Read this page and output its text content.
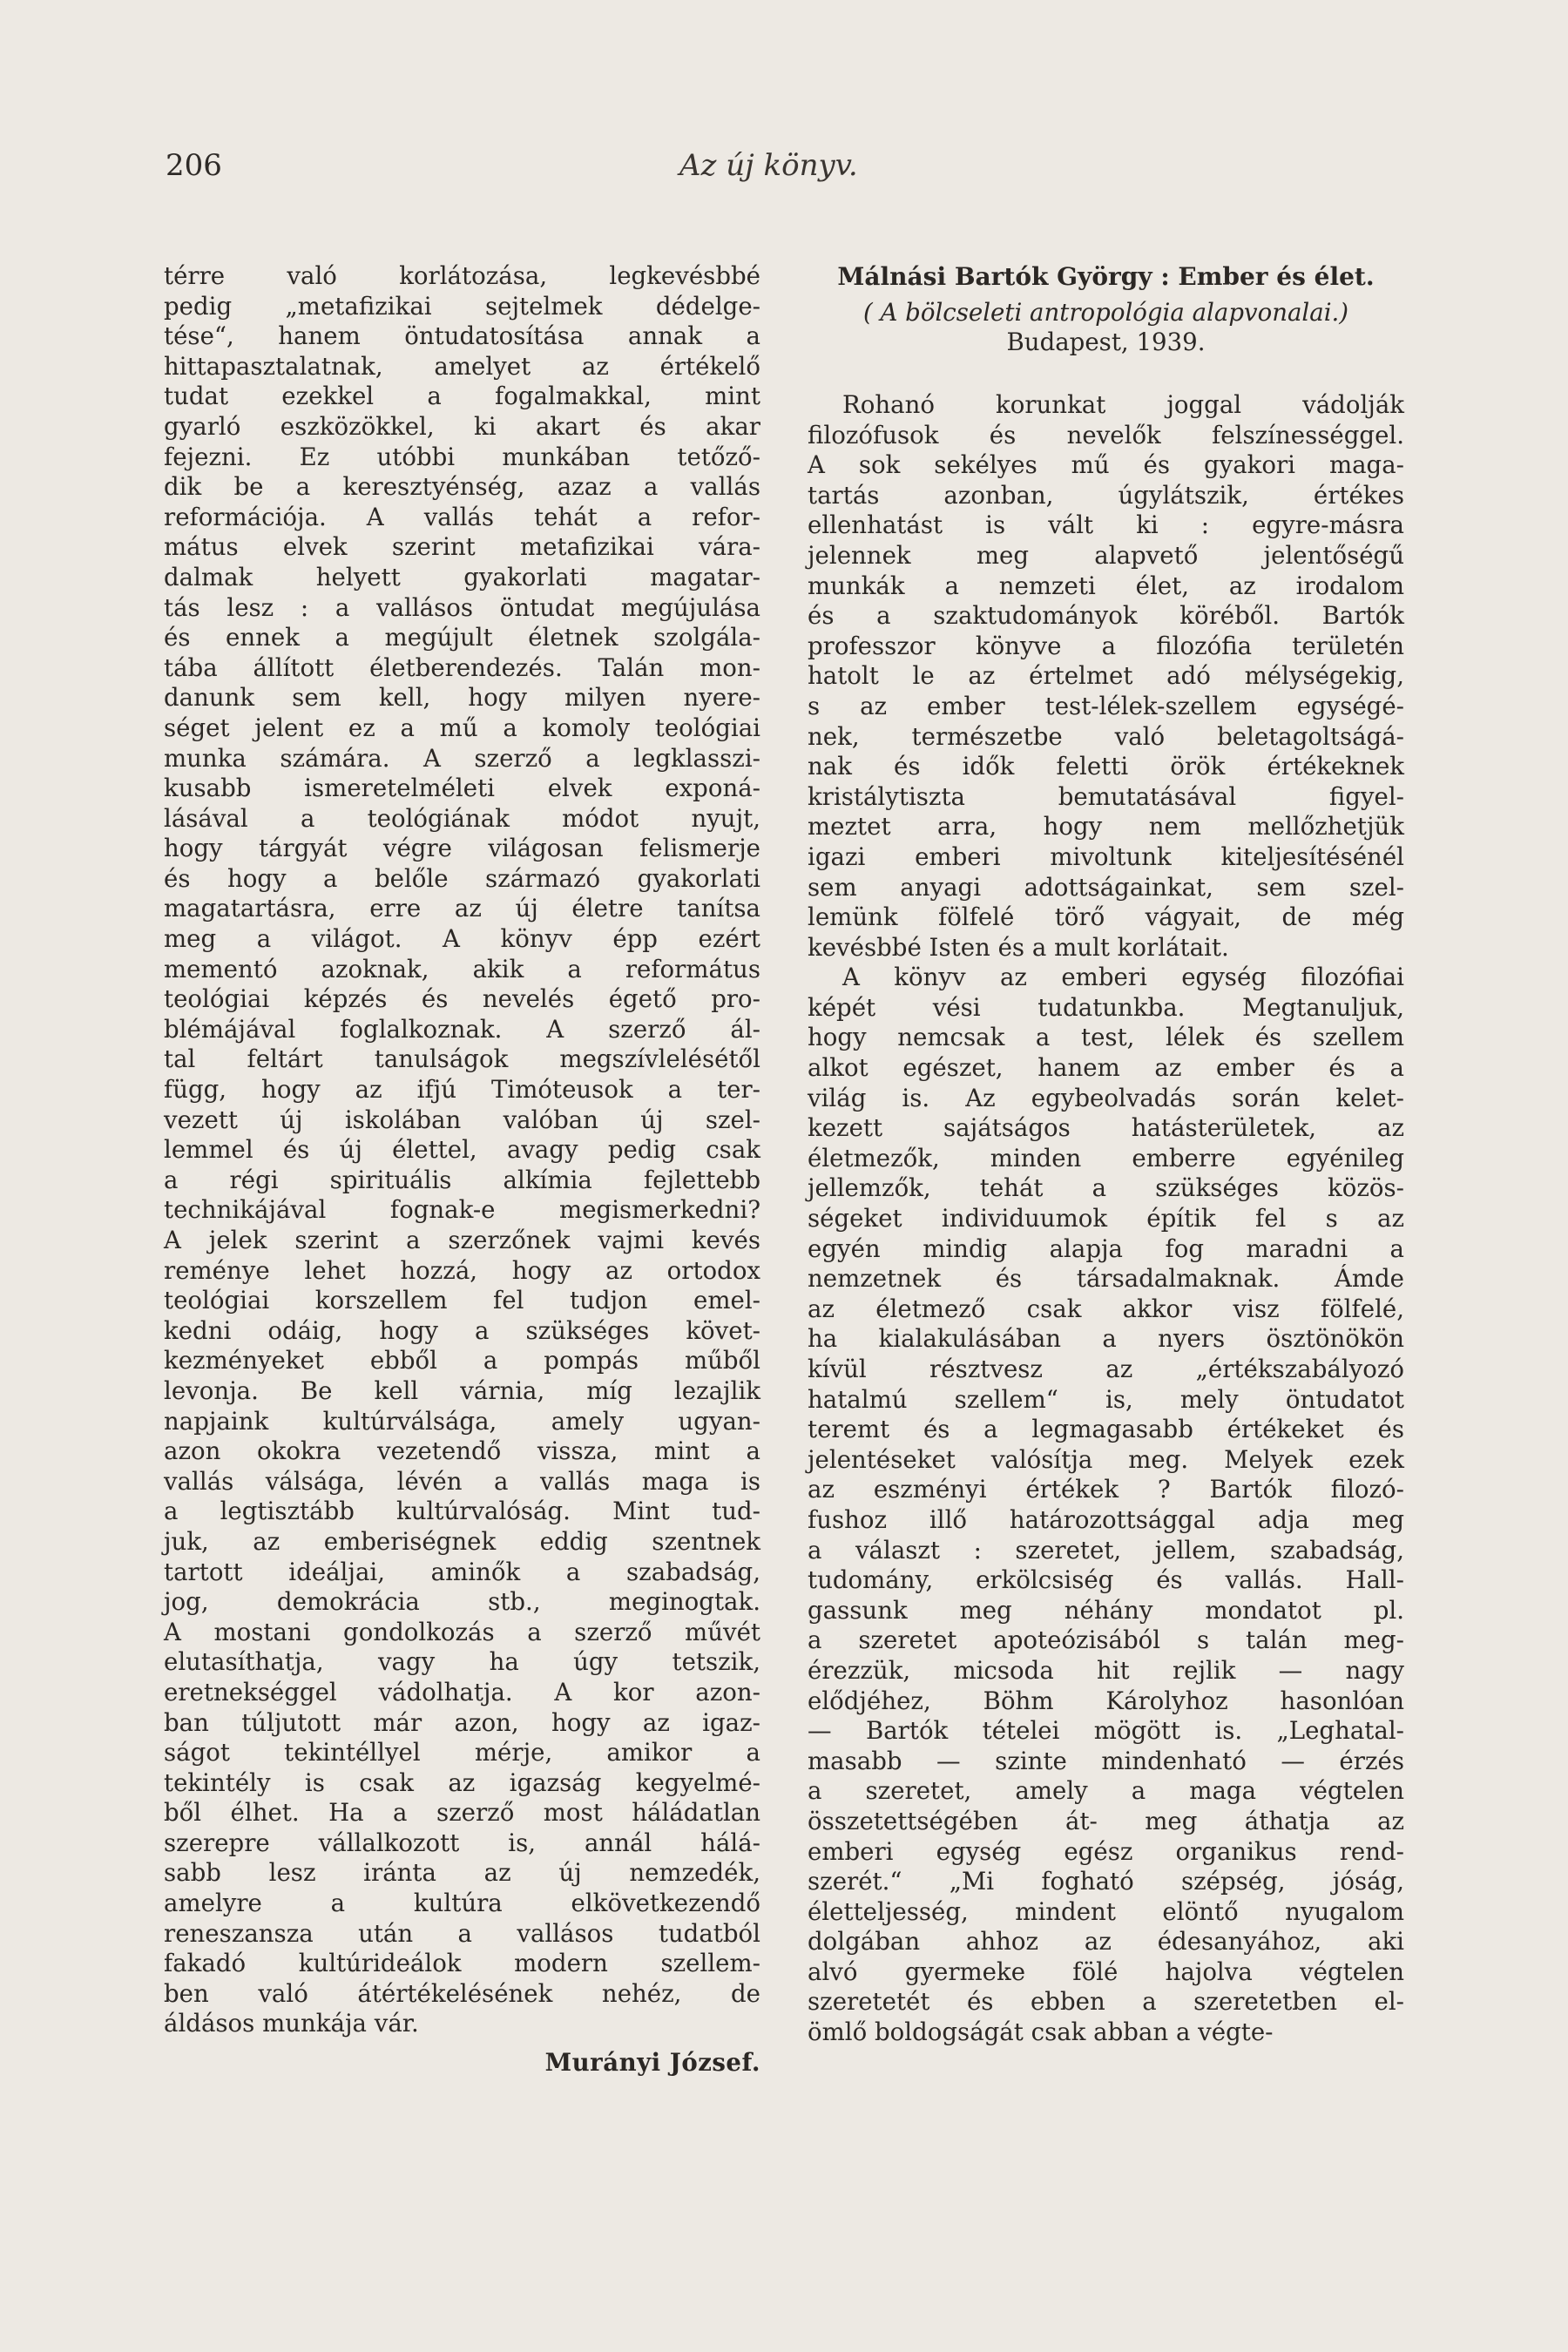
206	Az új könyv.

térre való korlátozása, legkevésbbé
pedig „metafizikai sejtelmek dédelge-
tése“, hanem öntudatosítása annak a
hittapasztalatnak, amelyet az értékelő
tudat ezekkel a fogalmakkal, mint
gyarló eszközökkel, ki akart és akar
fejezni. Ez utóbbi munkában tetőző-
dik be a keresztyénség, azaz a vallás
reformációja. A vallás tehát a refor-
mátus elvek szerint metafizikai vára-
dalmak helyett gyakorlati magatar-
tás lesz : a vallásos öntudat megújulása
és ennek a megújult életnek szolgála-
tába állított életberendezés. Talán mon-
danunk sem kell, hogy milyen nyere-
séget jelent ez a mű a komoly teológiai
munka számára. A szerző a legklasszi-
kusabb ismeretelméleti elvek exponá-
lásával a teológiának módot nyujt,
hogy tárgyát végre világosan felismerje
és hogy a belőle származó gyakorlati
magatartásra, erre az új életre tanítsa
meg a világot. A könyv épp ezért
mementó azoknak, akik a református
teológiai képzés és nevelés égető pro-
blémájával foglalkoznak. A szerző ál-
tal feltárt tanulságok megszívlelésétől
függ, hogy az ifjú Timóteusok a ter-
vezett új iskolában valóban új szel-
lemmel és új élettel, avagy pedig csak
a régi spirituális alkímia fejlettebb
technikájával fognak-e megismerkedni?
A jelek szerint a szerzőnek vajmi kevés
reménye lehet hozzá, hogy az ortodox
teológiai korszellem fel tudjon emel-
kedni odáig, hogy a szükséges követ-
kezményeket ebből a pompás műből
levonja. Be kell várnia, míg lezajlik
napjaink kultúrválsága, amely ugyan-
azon okokra vezetendő vissza, mint a
vallás válsága, lévén a vallás maga is
a legtisztább kultúrvalóság. Mint tud-
juk, az emberiségnek eddig szentnek
tartott ideáljai, aminők a szabadság,
jog, demokrácia stb., meginogtak.
A mostani gondolkozás a szerző művét
elutasíthatja, vagy ha úgy tetszik,
eretnekséggel vádolhatja. A kor azon-
ban túljutott már azon, hogy az igaz-
ságot tekintéllyel mérje, amikor a
tekintély is csak az igazság kegyelmé-
ből élhet. Ha a szerző most háládatlan
szerepre vállalkozott is, annál hálá-
sabb lesz iránta az új nemzedék,
amelyre a kultúra elkövetkezendő
reneszansza után a vallásos tudatból
fakadó kultúrideálok modern szellem-
ben való átértékelésének nehéz, de
áldásos munkája vár.

Murányi József.
Málnási Bartók György : Ember és élet.
( A bölcseleti antropológia alapvonalai.)
Budapest, 1939.

Rohanó korunkat joggal vádolják
filozófusok és nevelők felszínességgel.
A sok sekélyes mű és gyakori maga-
tartás azonban, úgylátszik, értékes
ellenhatást is vált ki : egyre-másra
jelennek meg alapvető jelentőségű
munkák a nemzeti élet, az irodalom
és a szaktudományok köréből. Bartók
professzor könyve a filozófia területén
hatolt le az értelmet adó mélységekig,
s az ember test-lélek-szellem egységé-
nek, természetbe való beletagoltságá-
nak és idők feletti örök értékeknek
kristálytiszta bemutatásával figyel-
meztet arra, hogy nem mellőzhetjük
igazi emberi mivoltunk kiteljesítésénél
sem anyagi adottságainkat, sem szel-
lemünk fölfelé törő vágyait, de még
kevésbbé Isten és a mult korlátait.

A könyv az emberi egység filozófiai
képét vési tudatunkba. Megtanuljuk,
hogy nemcsak a test, lélek és szellem
alkot egészet, hanem az ember és a
világ is. Az egybeolvadás során kelet-
kezett sajátságos hatásterületek, az
életmezők, minden emberre egyénileg
jellemzők, tehát a szükséges közös-
ségeket individuumok építik fel s az
egyén mindig alapja fog maradni a
nemzetnek és társadalmaknak. Ámde
az életmező csak akkor visz fölfelé,
ha kialakulásában a nyers ösztönökön
kívül résztvesz az „értékszabályozó
hatalmú szellem“ is, mely öntudatot
teremt és a legmagasabb értékeket és
jelentéseket valósítja meg. Melyek ezek
az eszményi értékek ? Bartók filozó-
fushoz illő határozottsággal adja meg
a választ : szeretet, jellem, szabadság,
tudomány, erkölcsiség és vallás. Hall-
gassunk meg néhány mondatot pl.
a szeretet apoteózisából s talán meg-
érezzük, micsoda hit rejlik — nagy
elődjéhez, Böhm Károlyhoz hasonlóan
— Bartók tételei mögött is. „Leghatal-
masabb — szinte mindenható — érzés
a szeretet, amely a maga végtelen
összetettségében át- meg áthatja az
emberi egység egész organikus rend-
szerét.“ „Mi fogható szépség, jóság,
életteljesség, mindent elöntő nyugalom
dolgában ahhoz az édesanyához, aki
alvó gyermeke fölé hajolva végtelen
szeretetét és ebben a szeretetben el-
ömlő boldogságát csak abban a végte-
